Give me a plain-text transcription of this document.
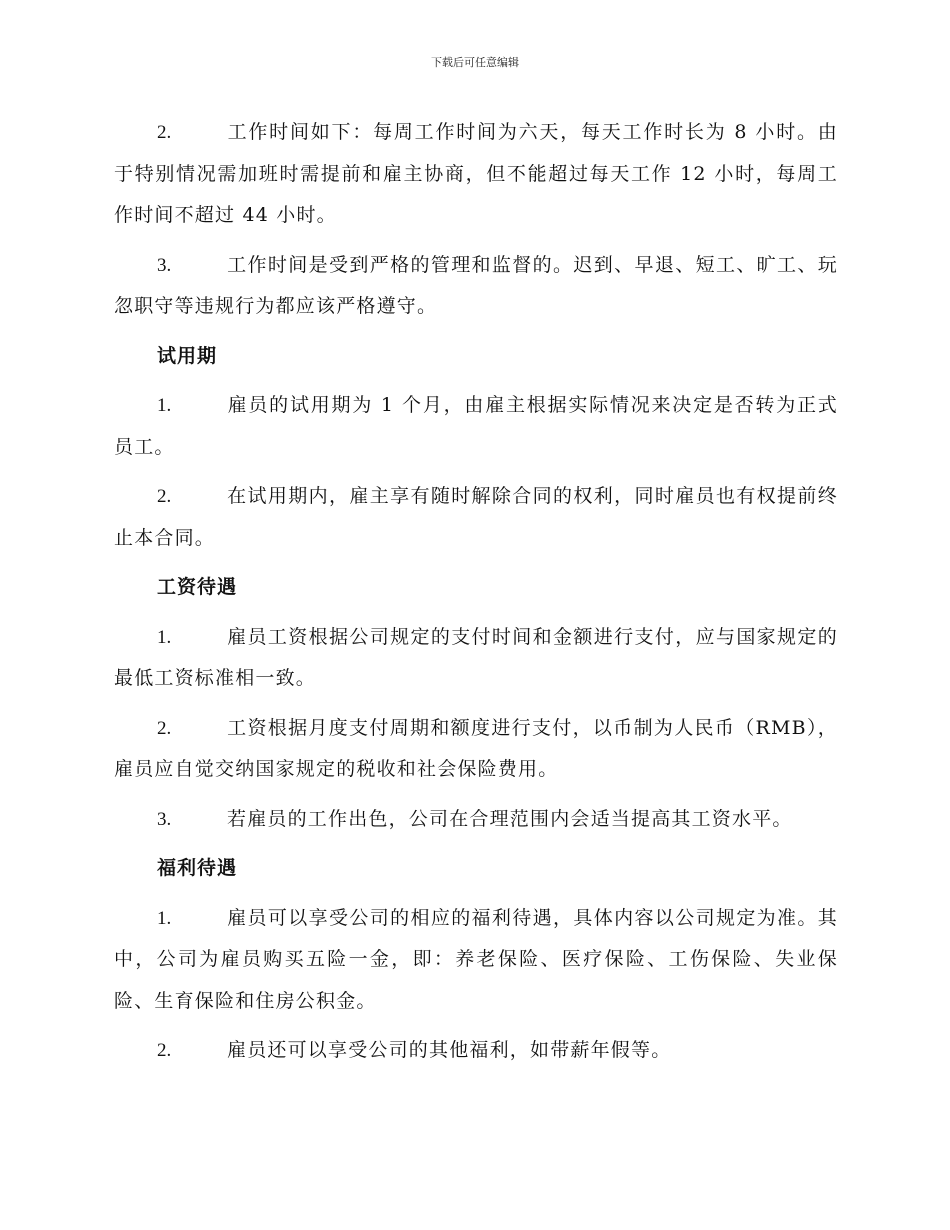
下载后可任意编辑

2.	工作时间如下：每周工作时间为六天，每天工作时长为 8 小时。由于特别情况需加班时需提前和雇主协商，但不能超过每天工作 12 小时，每周工作时间不超过 44 小时。

3.	工作时间是受到严格的管理和监督的。迟到、早退、短工、旷工、玩忽职守等违规行为都应该严格遵守。

试用期

1.	雇员的试用期为 1 个月，由雇主根据实际情况来决定是否转为正式员工。

2.	在试用期内，雇主享有随时解除合同的权利，同时雇员也有权提前终止本合同。

工资待遇

1.	雇员工资根据公司规定的支付时间和金额进行支付，应与国家规定的最低工资标准相一致。

2.	工资根据月度支付周期和额度进行支付，以币制为人民币（RMB），雇员应自觉交纳国家规定的税收和社会保险费用。

3.	若雇员的工作出色，公司在合理范围内会适当提高其工资水平。

福利待遇

1.	雇员可以享受公司的相应的福利待遇，具体内容以公司规定为准。其中，公司为雇员购买五险一金，即：养老保险、医疗保险、工伤保险、失业保险、生育保险和住房公积金。

2.	雇员还可以享受公司的其他福利，如带薪年假等。
